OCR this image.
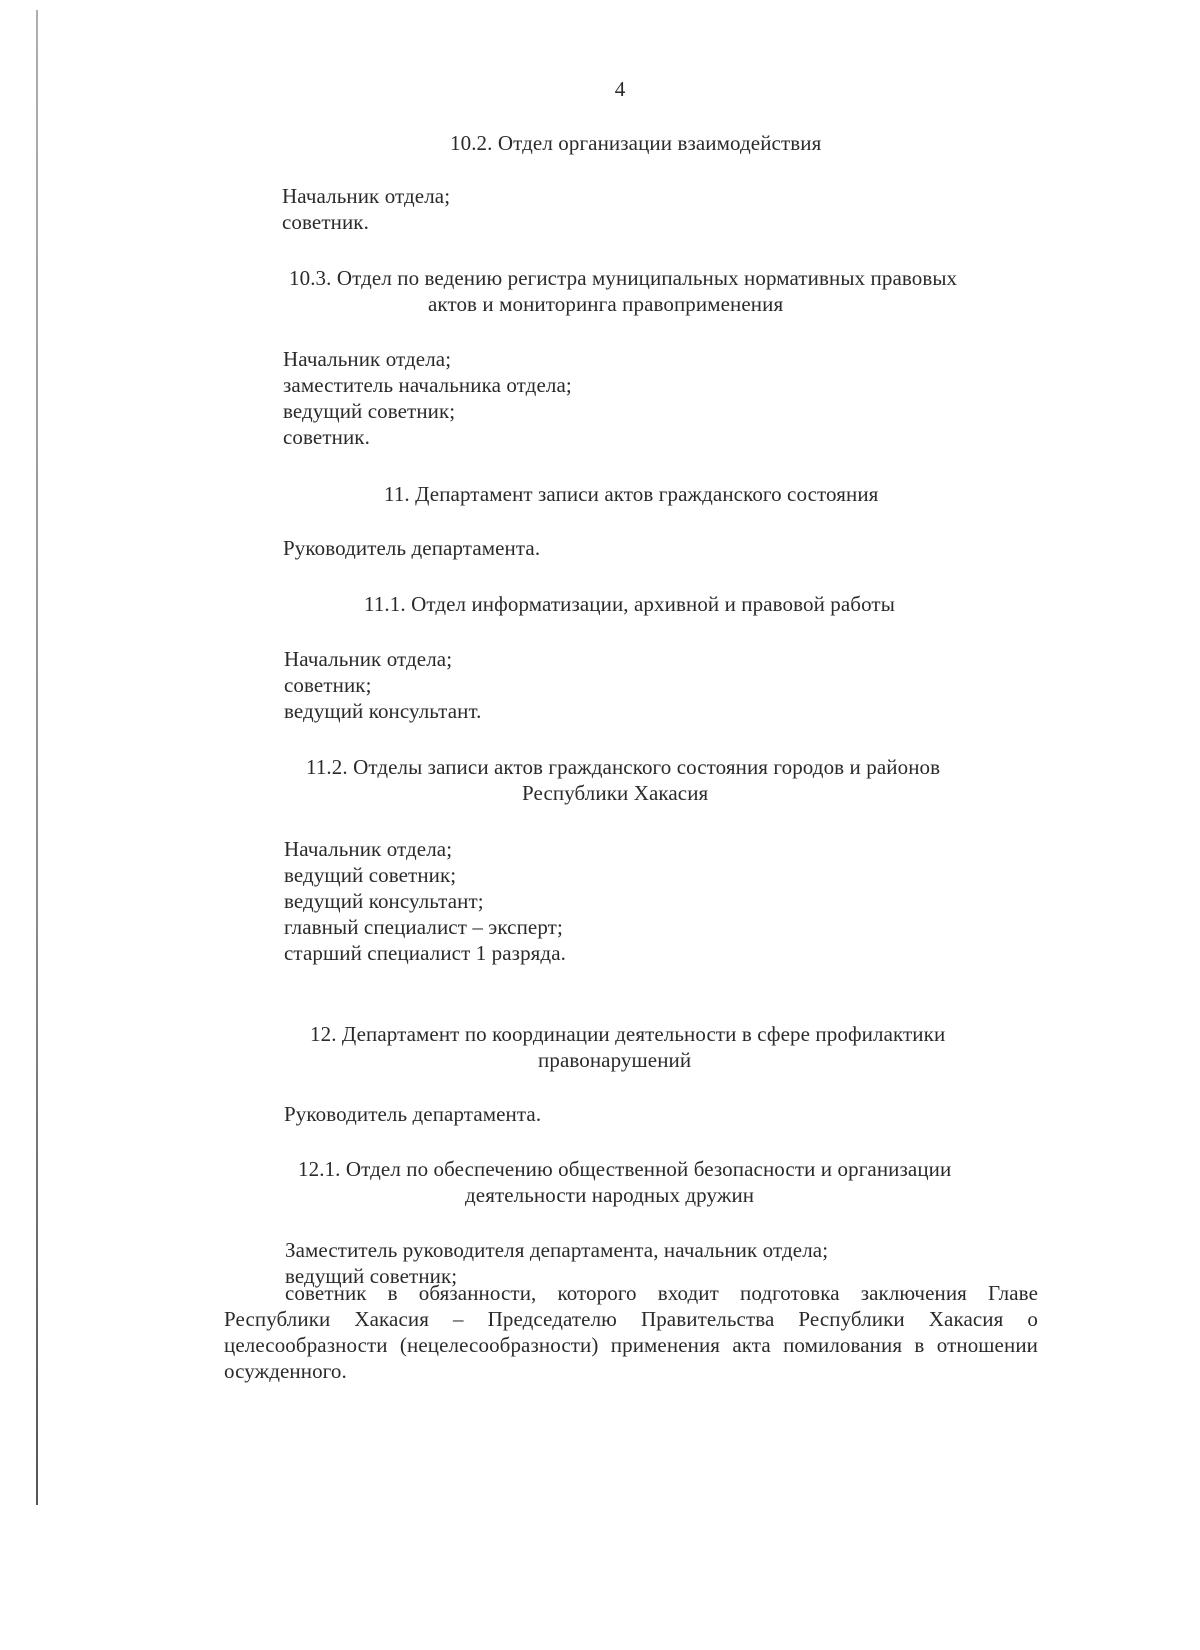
4
10.2. Отдел организации взаимодействия
Начальник отдела;
советник.
10.3. Отдел по ведению регистра муниципальных нормативных правовых
актов и мониторинга правоприменения
Начальник отдела;
заместитель начальника отдела;
ведущий советник;
советник.
11. Департамент записи актов гражданского состояния
Руководитель департамента.
11.1. Отдел информатизации, архивной и правовой работы
Начальник отдела;
советник;
ведущий консультант.
11.2. Отделы записи актов гражданского состояния городов и районов
Республики Хакасия
Начальник отдела;
ведущий советник;
ведущий консультант;
главный специалист – эксперт;
старший специалист 1 разряда.
12. Департамент по координации деятельности в сфере профилактики
правонарушений
Руководитель департамента.
12.1. Отдел по обеспечению общественной безопасности и организации
деятельности народных дружин
Заместитель руководителя департамента, начальник отдела;
ведущий советник;
советник в обязанности, которого входит подготовка заключения Главе Республики Хакасия – Председателю Правительства Республики Хакасия о целесообразности (нецелесообразности) применения акта помилования в отношении осужденного.
